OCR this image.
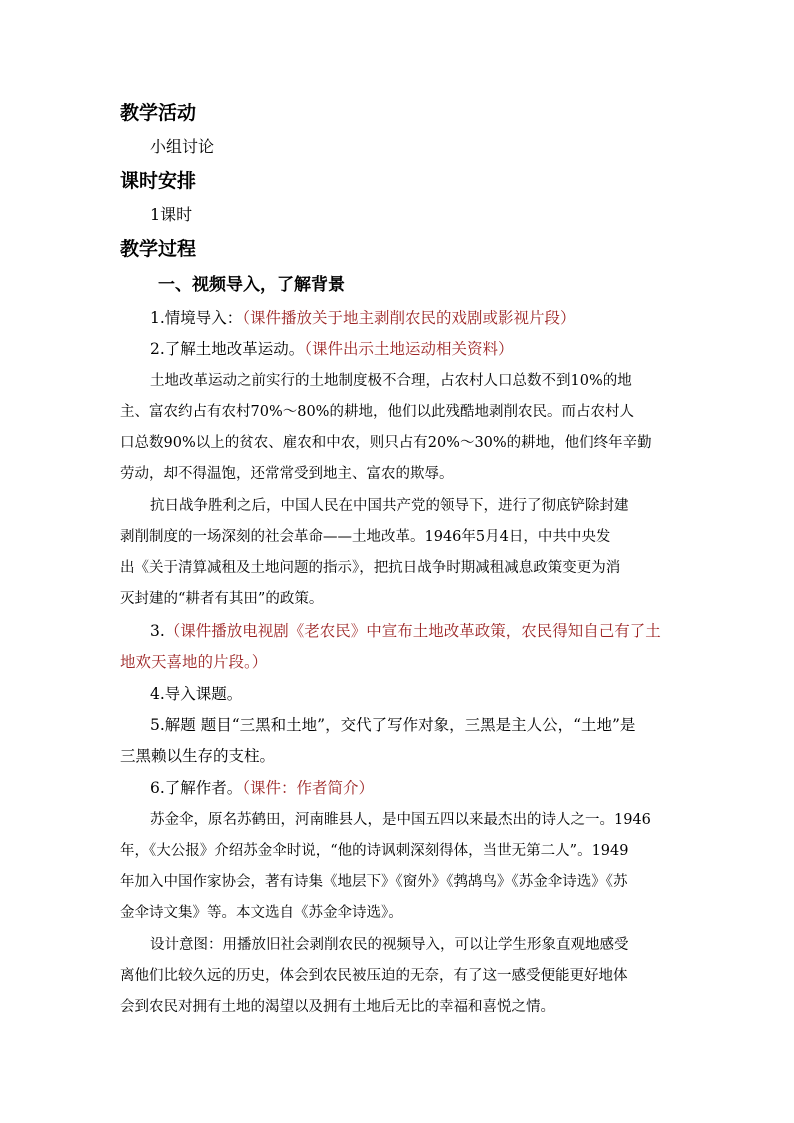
教学活动
小组讨论
课时安排
1课时
教学过程
一、视频导入，了解背景
1.情境导入：（课件播放关于地主剥削农民的戏剧或影视片段）
2.了解土地改革运动。（课件出示土地运动相关资料）
土地改革运动之前实行的土地制度极不合理，占农村人口总数不到10%的地
主、富农约占有农村70%～80%的耕地，他们以此残酷地剥削农民。而占农村人
口总数90%以上的贫农、雇农和中农，则只占有20%～30%的耕地，他们终年辛勤
劳动，却不得温饱，还常常受到地主、富农的欺辱。
抗日战争胜利之后，中国人民在中国共产党的领导下，进行了彻底铲除封建
剥削制度的一场深刻的社会革命——土地改革。1946年5月4日，中共中央发
出《关于清算减租及土地问题的指示》，把抗日战争时期减租减息政策变更为消
灭封建的“耕者有其田”的政策。
3.（课件播放电视剧《老农民》中宣布土地改革政策，农民得知自己有了土
地欢天喜地的片段。）
4.导入课题。
5.解题 题目“三黑和土地”，交代了写作对象，三黑是主人公，“土地”是
三黑赖以生存的支柱。
6.了解作者。（课件：作者简介）
苏金伞，原名苏鹤田，河南睢县人，是中国五四以来最杰出的诗人之一。1946
年，《大公报》介绍苏金伞时说，“他的诗讽刺深刻得体，当世无第二人”。1949
年加入中国作家协会，著有诗集《地层下》《窗外》《鹁鸪鸟》《苏金伞诗选》《苏
金伞诗文集》等。本文选自《苏金伞诗选》。
设计意图：用播放旧社会剥削农民的视频导入，可以让学生形象直观地感受
离他们比较久远的历史，体会到农民被压迫的无奈，有了这一感受便能更好地体
会到农民对拥有土地的渴望以及拥有土地后无比的幸福和喜悦之情。
